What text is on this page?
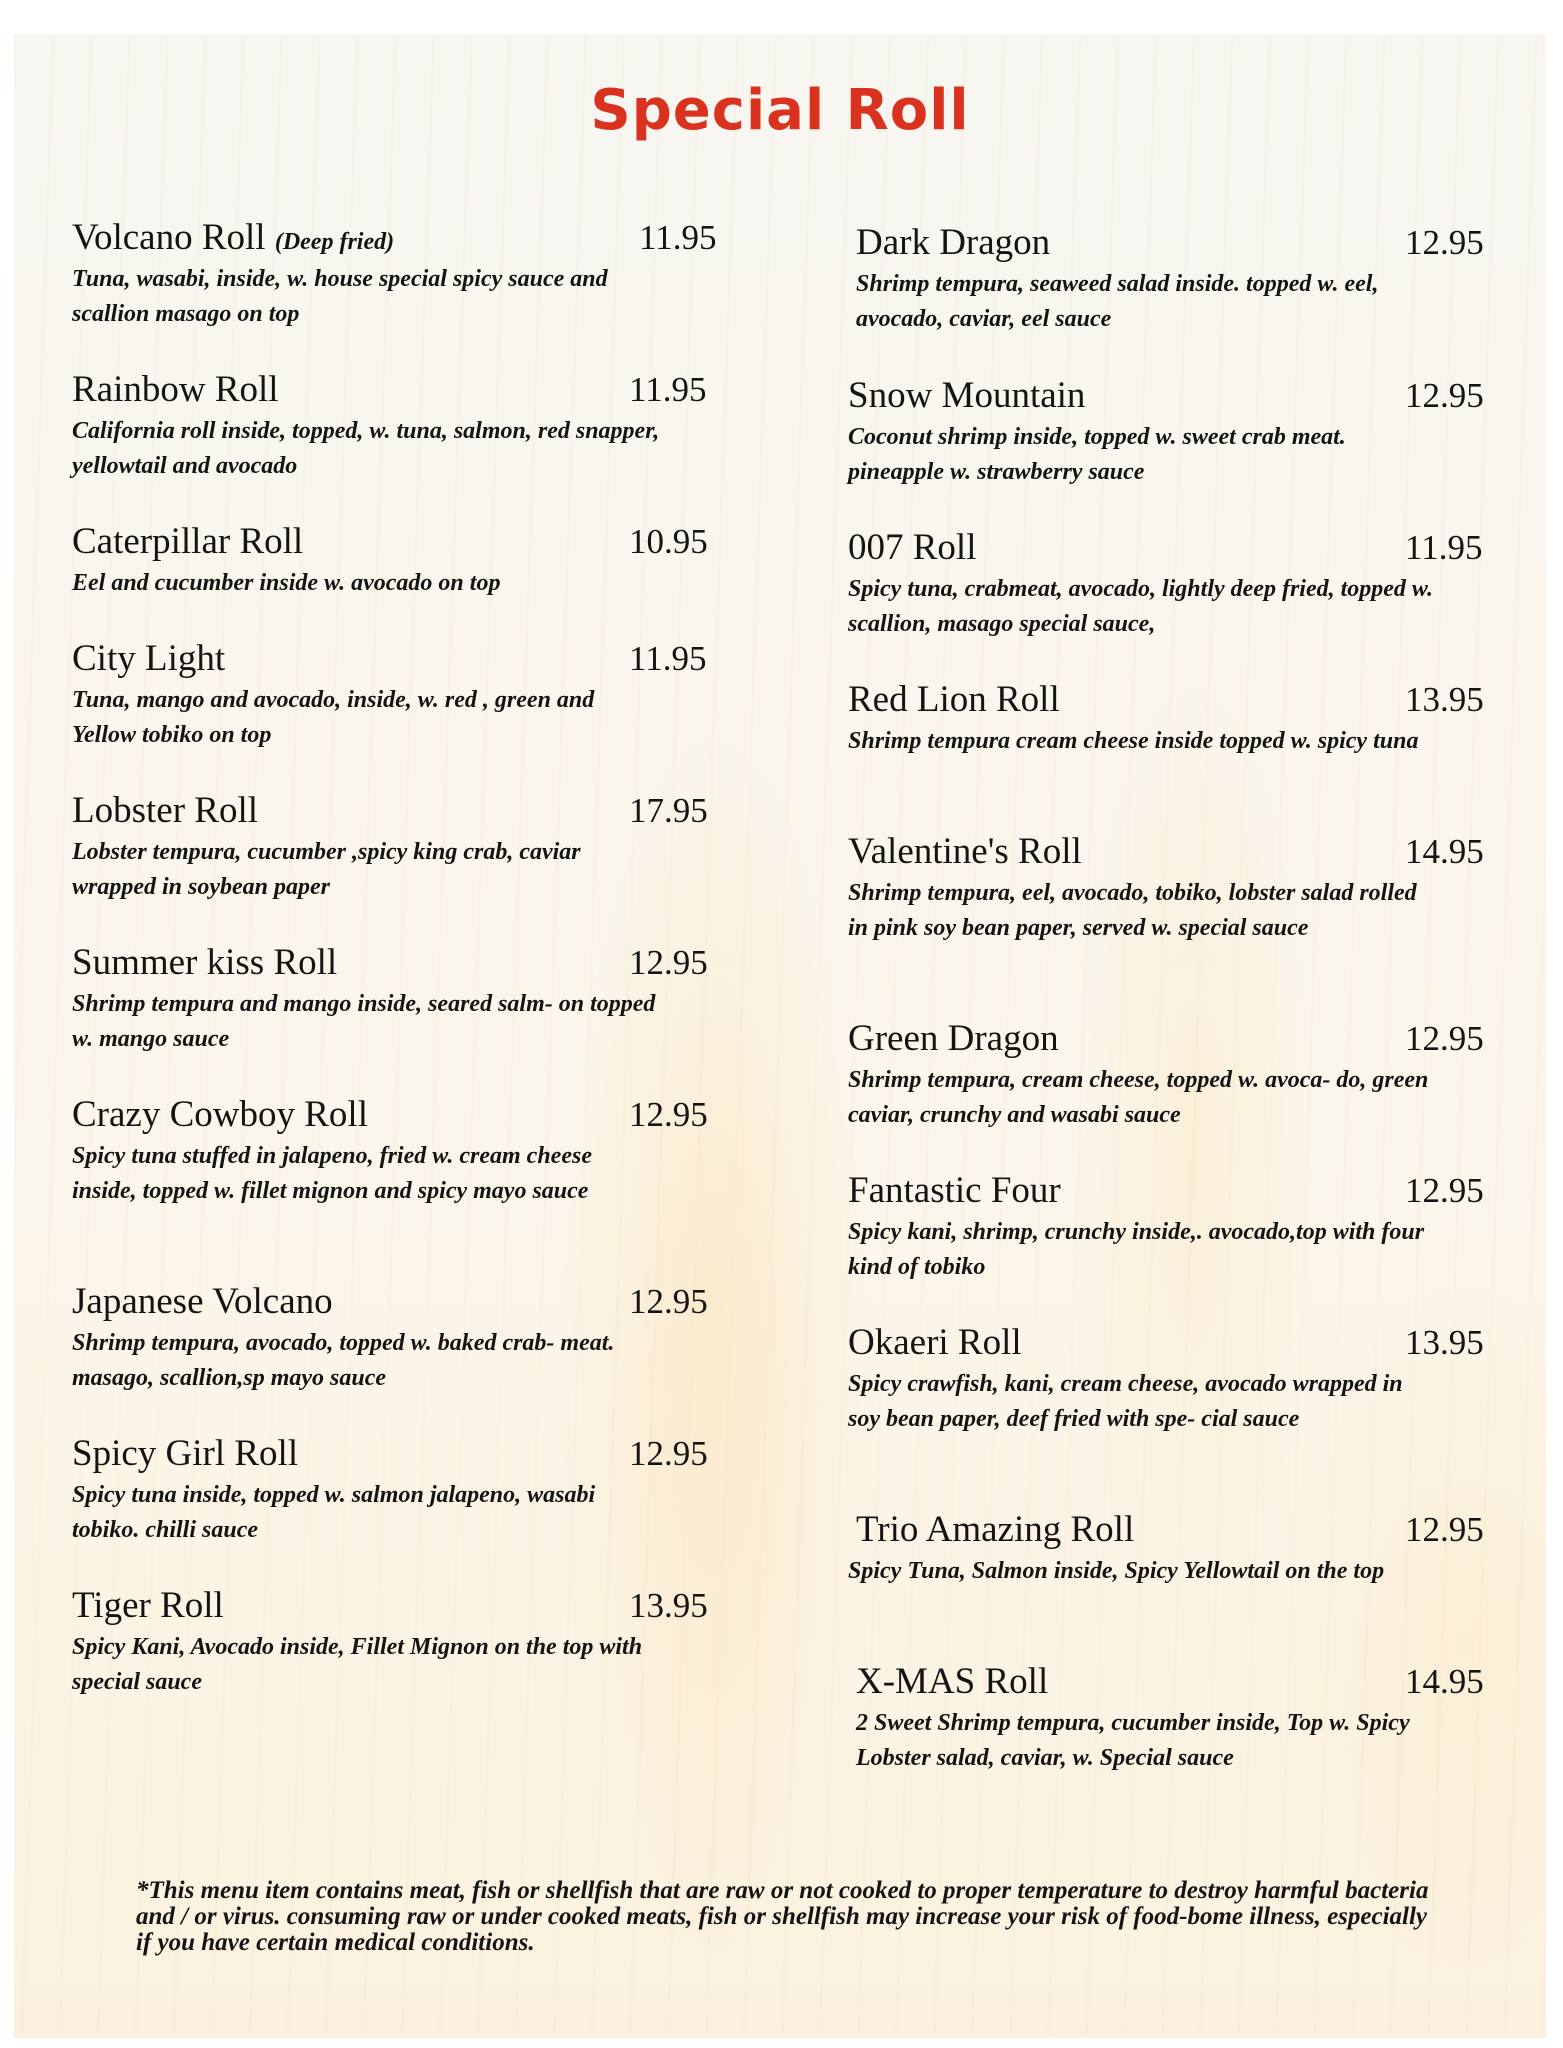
Special Roll
Volcano Roll (Deep fried)	11.95
Tuna, wasabi, inside, w. house special spicy sauce and scallion masago on top
Rainbow Roll	11.95
California roll inside, topped, w. tuna, salmon, red snapper, yellowtail and avocado
Caterpillar Roll	10.95
Eel and cucumber inside w. avocado on top
City Light	11.95
Tuna, mango and avocado, inside, w. red , green and Yellow tobiko on top
Lobster Roll	17.95
Lobster tempura, cucumber ,spicy king crab, caviar wrapped in soybean paper
Summer kiss Roll	12.95
Shrimp tempura and mango inside, seared salm- on topped w. mango sauce
Crazy Cowboy Roll	12.95
Spicy tuna stuffed in jalapeno, fried w. cream cheese inside, topped w. fillet mignon and spicy mayo sauce
Japanese Volcano	12.95
Shrimp tempura, avocado, topped w. baked crab- meat. masago, scallion,sp mayo sauce
Spicy Girl Roll	12.95
Spicy tuna inside, topped w. salmon jalapeno, wasabi tobiko. chilli sauce
Tiger Roll	13.95
Spicy Kani, Avocado inside, Fillet Mignon on the top with special sauce
Dark Dragon	12.95
Shrimp tempura, seaweed salad inside. topped w. eel, avocado, caviar, eel sauce
Snow Mountain	12.95
Coconut shrimp inside, topped w. sweet crab meat. pineapple w. strawberry sauce
007 Roll	11.95
Spicy tuna, crabmeat, avocado, lightly deep fried, topped w. scallion, masago special sauce,
Red Lion Roll	13.95
Shrimp tempura cream cheese inside topped w. spicy tuna
Valentine's Roll	14.95
Shrimp tempura, eel, avocado, tobiko, lobster salad rolled in pink soy bean paper, served w. special sauce
Green Dragon	12.95
Shrimp tempura, cream cheese, topped w. avoca- do, green caviar, crunchy and wasabi sauce
Fantastic Four	12.95
Spicy kani, shrimp, crunchy inside,. avocado,top with four kind of tobiko
Okaeri Roll	13.95
Spicy crawfish, kani, cream cheese, avocado wrapped in soy bean paper, deef fried with spe- cial sauce
Trio Amazing Roll	12.95
Spicy Tuna, Salmon inside, Spicy Yellowtail on the top
X-MAS Roll	14.95
2 Sweet Shrimp tempura, cucumber inside, Top w. Spicy Lobster salad, caviar, w. Special sauce
*This menu item contains meat, fish or shellfish that are raw or not cooked to proper temperature to destroy harmful bacteria and / or virus. consuming raw or under cooked meats, fish or shellfish may increase your risk of food-bome illness, especially if you have certain medical conditions.
